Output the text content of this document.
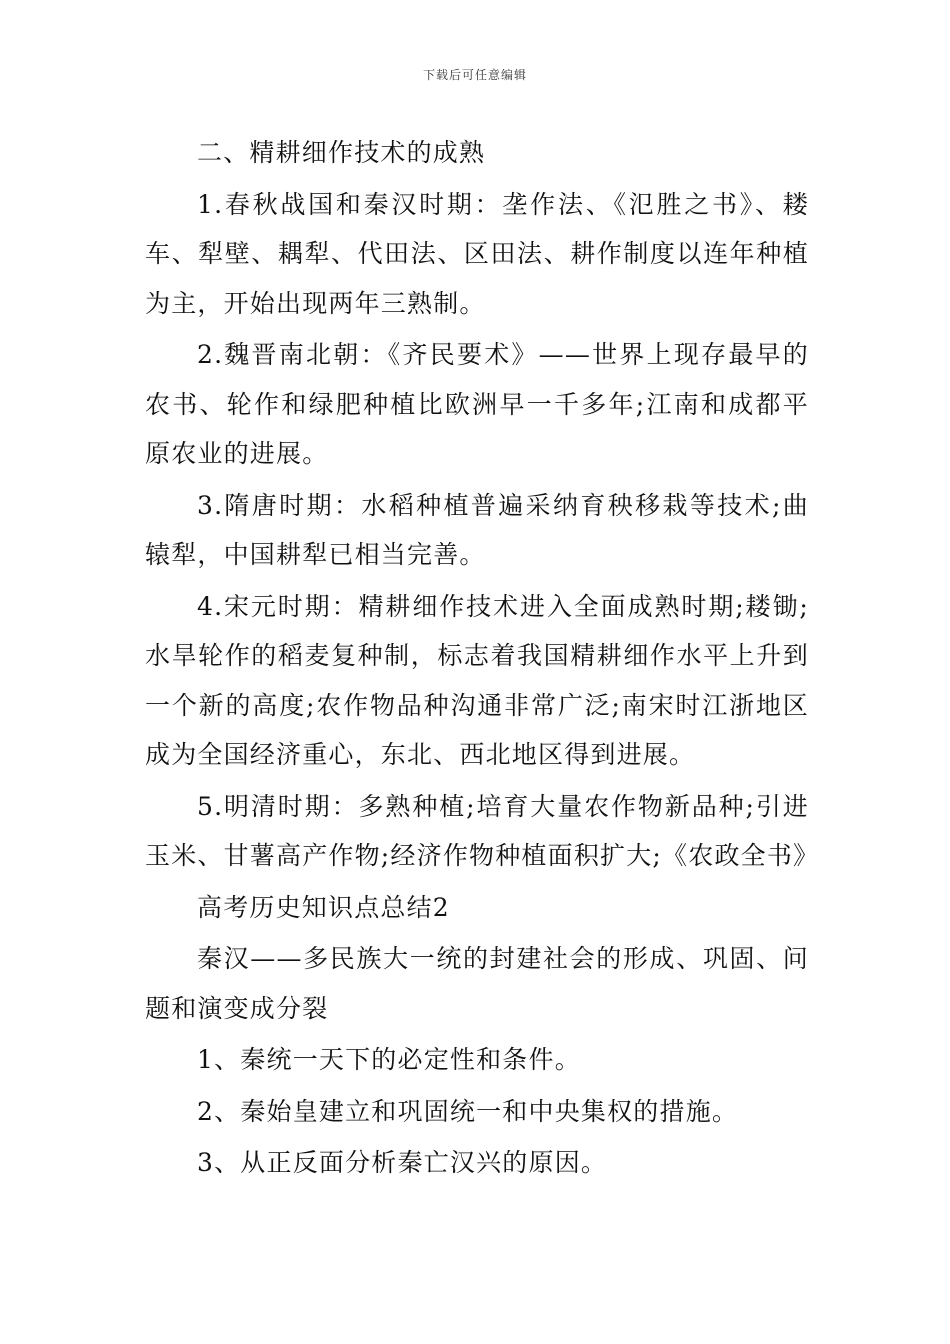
下载后可任意编辑

二、精耕细作技术的成熟

1.春秋战国和秦汉时期：垄作法、《氾胜之书》、耧车、犁壁、耦犁、代田法、区田法、耕作制度以连年种植为主，开始出现两年三熟制。

2.魏晋南北朝：《齐民要术》——世界上现存最早的农书、轮作和绿肥种植比欧洲早一千多年;江南和成都平原农业的进展。

3.隋唐时期：水稻种植普遍采纳育秧移栽等技术;曲辕犁，中国耕犁已相当完善。

4.宋元时期：精耕细作技术进入全面成熟时期;耧锄;水旱轮作的稻麦复种制，标志着我国精耕细作水平上升到一个新的高度;农作物品种沟通非常广泛;南宋时江浙地区成为全国经济重心，东北、西北地区得到进展。

5.明清时期：多熟种植;培育大量农作物新品种;引进玉米、甘薯高产作物;经济作物种植面积扩大;《农政全书》

高考历史知识点总结2

秦汉——多民族大一统的封建社会的形成、巩固、问题和演变成分裂

1、秦统一天下的必定性和条件。

2、秦始皇建立和巩固统一和中央集权的措施。

3、从正反面分析秦亡汉兴的原因。
